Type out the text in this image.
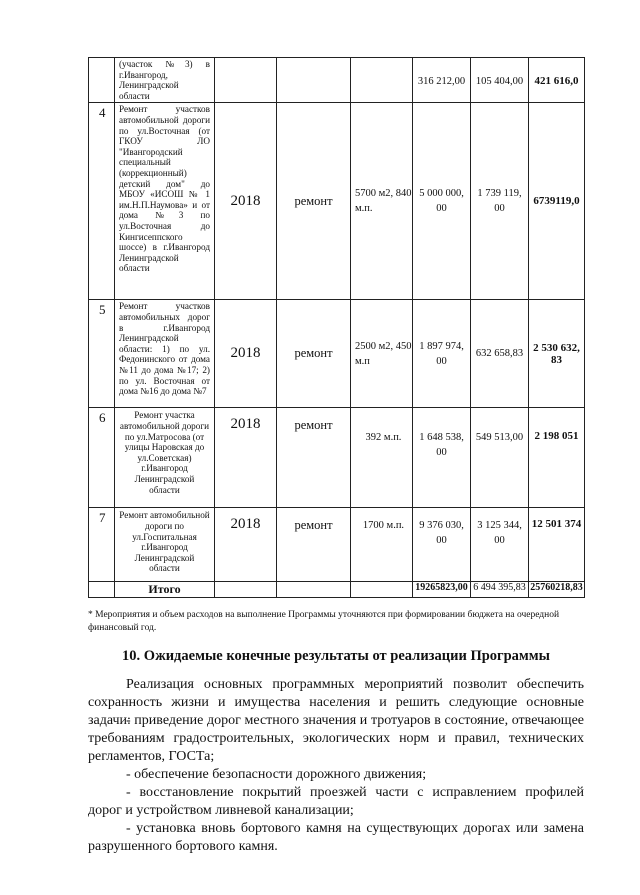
	(участок №3) в г.Ивангород, Ленинградской области				316 212,00	105 404,00	421 616,0
4	Ремонт участков автомобильной дороги по ул.Восточная (от ГКОУ ЛО "Ивангородский специальный (коррекционный) детский дом" до МБОУ «ИСОШ № 1 им.Н.П.Наумова» и от дома №3 по ул.Восточная до Кингисеппского шоссе) в г.Ивангород Ленинградской области	2018	ремонт	5700 м2, 840 м.п.	5 000 000, 00	1 739 119, 00	6739119,0
5	Ремонт участков автомобильных дорог в г.Ивангород Ленинградской области: 1) по ул. Федонинского от дома №11 до дома №17; 2) по ул. Восточная от дома №16 до дома №7	2018	ремонт	2500 м2, 450 м.п	1 897 974, 00	632 658,83	2 530 632, 83
6	Ремонт участка автомобильной дороги по ул.Матросова (от улицы Наровская до ул.Советская) г.Ивангород Ленинградской области	2018	ремонт	392 м.п.	1 648 538, 00	549 513,00	2 198 051
7	Ремонт автомобильной дороги по ул.Госпитальная г.Ивангород Ленинградской области	2018	ремонт	1700 м.п.	9 376 030, 00	3 125 344, 00	12 501 374
	Итого				19265823,00	6 494 395,83	25760218,83
* Мероприятия и объем расходов на выполнение Программы уточняются при формировании бюджета на очередной финансовый год.
10. Ожидаемые конечные результаты от реализации Программы
Реализация основных программных мероприятий позволит обеспечить сохранность жизни и имущества населения и решить следующие основные задачи:
- приведение дорог местного значения и тротуаров в состояние, отвечающее требованиям градостроительных, экологических норм и правил, технических регламентов, ГОСТа;
- обеспечение безопасности дорожного движения;
- восстановление покрытий проезжей части с исправлением профилей дорог и устройством ливневой канализации;
- установка вновь бортового камня на существующих дорогах или замена разрушенного бортового камня.
